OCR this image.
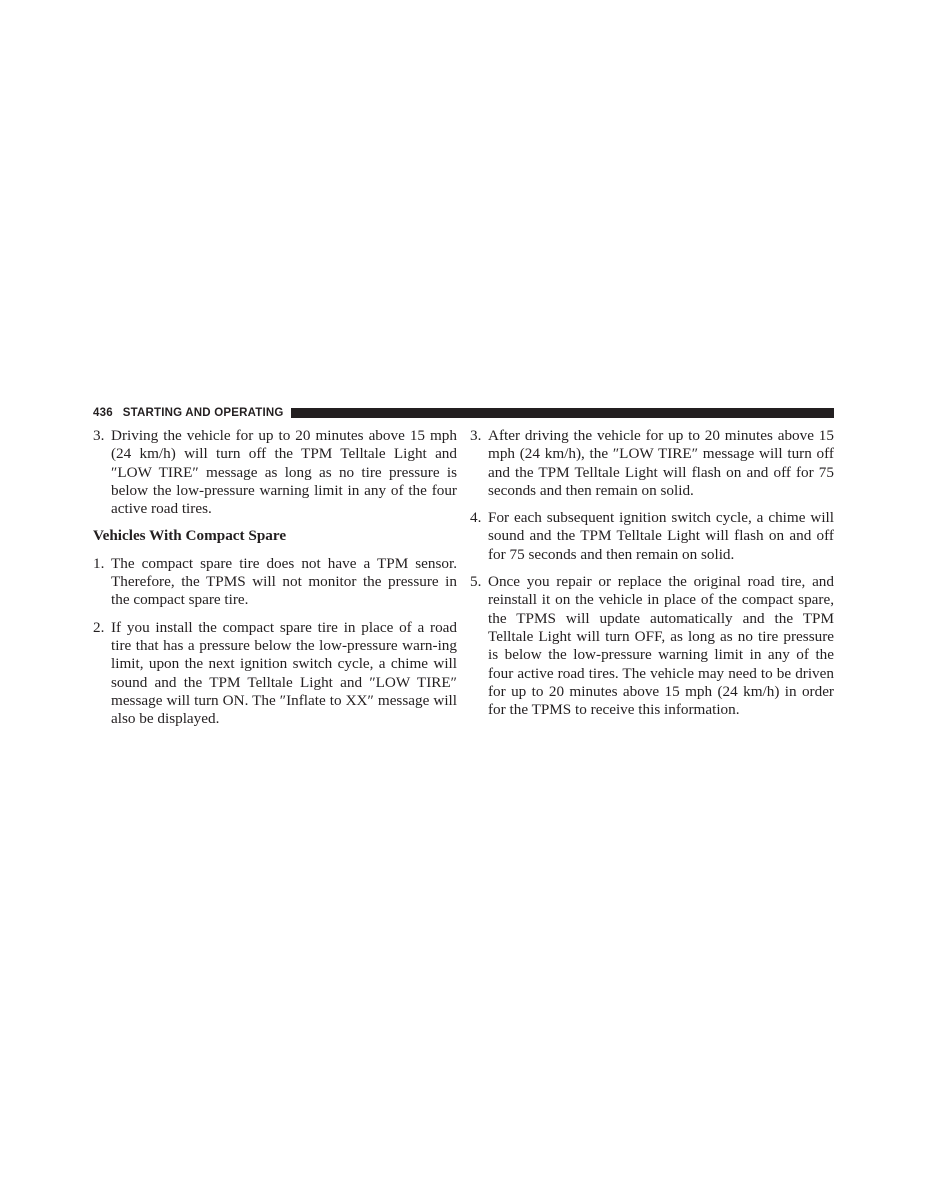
436 STARTING AND OPERATING
3. Driving the vehicle for up to 20 minutes above 15 mph (24 km/h) will turn off the TPM Telltale Light and ″LOW TIRE″ message as long as no tire pressure is below the low-pressure warning limit in any of the four active road tires.
Vehicles With Compact Spare
1. The compact spare tire does not have a TPM sensor. Therefore, the TPMS will not monitor the pressure in the compact spare tire.
2. If you install the compact spare tire in place of a road tire that has a pressure below the low-pressure warn-ing limit, upon the next ignition switch cycle, a chime will sound and the TPM Telltale Light and ″LOW TIRE″ message will turn ON. The ″Inflate to XX″ message will also be displayed.
3. After driving the vehicle for up to 20 minutes above 15 mph (24 km/h), the ″LOW TIRE″ message will turn off and the TPM Telltale Light will flash on and off for 75 seconds and then remain on solid.
4. For each subsequent ignition switch cycle, a chime will sound and the TPM Telltale Light will flash on and off for 75 seconds and then remain on solid.
5. Once you repair or replace the original road tire, and reinstall it on the vehicle in place of the compact spare, the TPMS will update automatically and the TPM Telltale Light will turn OFF, as long as no tire pressure is below the low-pressure warning limit in any of the four active road tires. The vehicle may need to be driven for up to 20 minutes above 15 mph (24 km/h) in order for the TPMS to receive this information.
